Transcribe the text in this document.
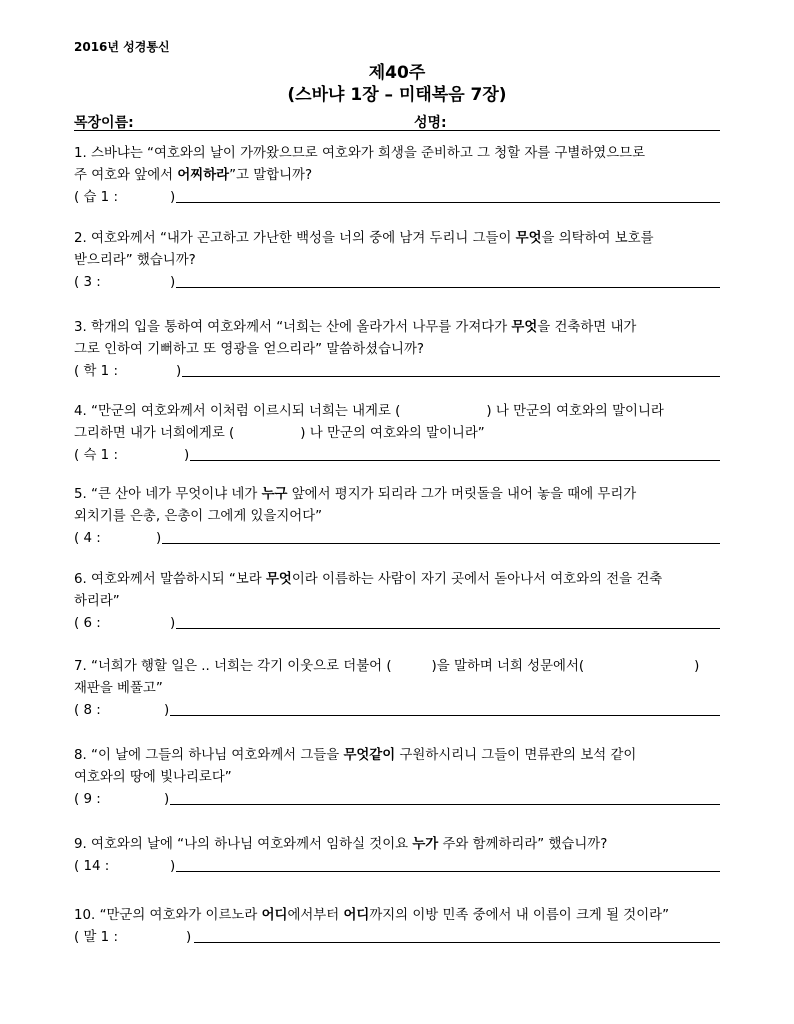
2016년 성경통신
제40주
(스바냐 1장 – 미태복음 7장)
목장이름:	성명:
1. 스바냐는 “여호와의 날이 가까왔으므로 여호와가 희생을 준비하고 그 청할 자를 구별하였으므로
주 여호와 앞에서 어찌하라”고 말합니까?
( 습 1 :	)
2. 여호와께서 “내가 곤고하고 가난한 백성을 너의 중에 남겨 두리니 그들이 무엇을 의탁하여 보호를
받으리라” 했습니까?
( 3 :	)
3. 학개의 입을 통하여 여호와께서 “너희는 산에 올라가서 나무를 가져다가 무엇을 건축하면 내가
그로 인하여 기뻐하고 또 영광을 얻으리라” 말씀하셨습니까?
( 학 1 :	)
4. “만군의 여호와께서 이처럼 이르시되 너희는 내게로 (	) 나 만군의 여호와의 말이니라
그리하면 내가 너희에게로 (	) 나 만군의 여호와의 말이니라”
( 슥 1 :	)
5. “큰 산아 네가 무엇이냐 네가 누구 앞에서 평지가 되리라 그가 머릿돌을 내어 놓을 때에 무리가
외치기를 은총, 은총이 그에게 있을지어다”
( 4 :	)
6. 여호와께서 말씀하시되 “보라 무엇이라 이름하는 사람이 자기 곳에서 돋아나서 여호와의 전을 건축
하리라”
( 6 :	)
7. “너희가 행할 일은 .. 너희는 각기 이웃으로 더불어 (	)을 말하며 너희 성문에서(	)
재판을 베풀고”
( 8 :	)
8. “이 날에 그들의 하나님 여호와께서 그들을 무엇같이 구원하시리니 그들이 면류관의 보석 같이
여호와의 땅에 빛나리로다”
( 9 :	)
9. 여호와의 날에 “나의 하나님 여호와께서 임하실 것이요 누가 주와 함께하리라” 했습니까?
( 14 :	)
10. “만군의 여호와가 이르노라 어디에서부터 어디까지의 이방 민족 중에서 내 이름이 크게 될 것이라”
( 말 1 :	)
